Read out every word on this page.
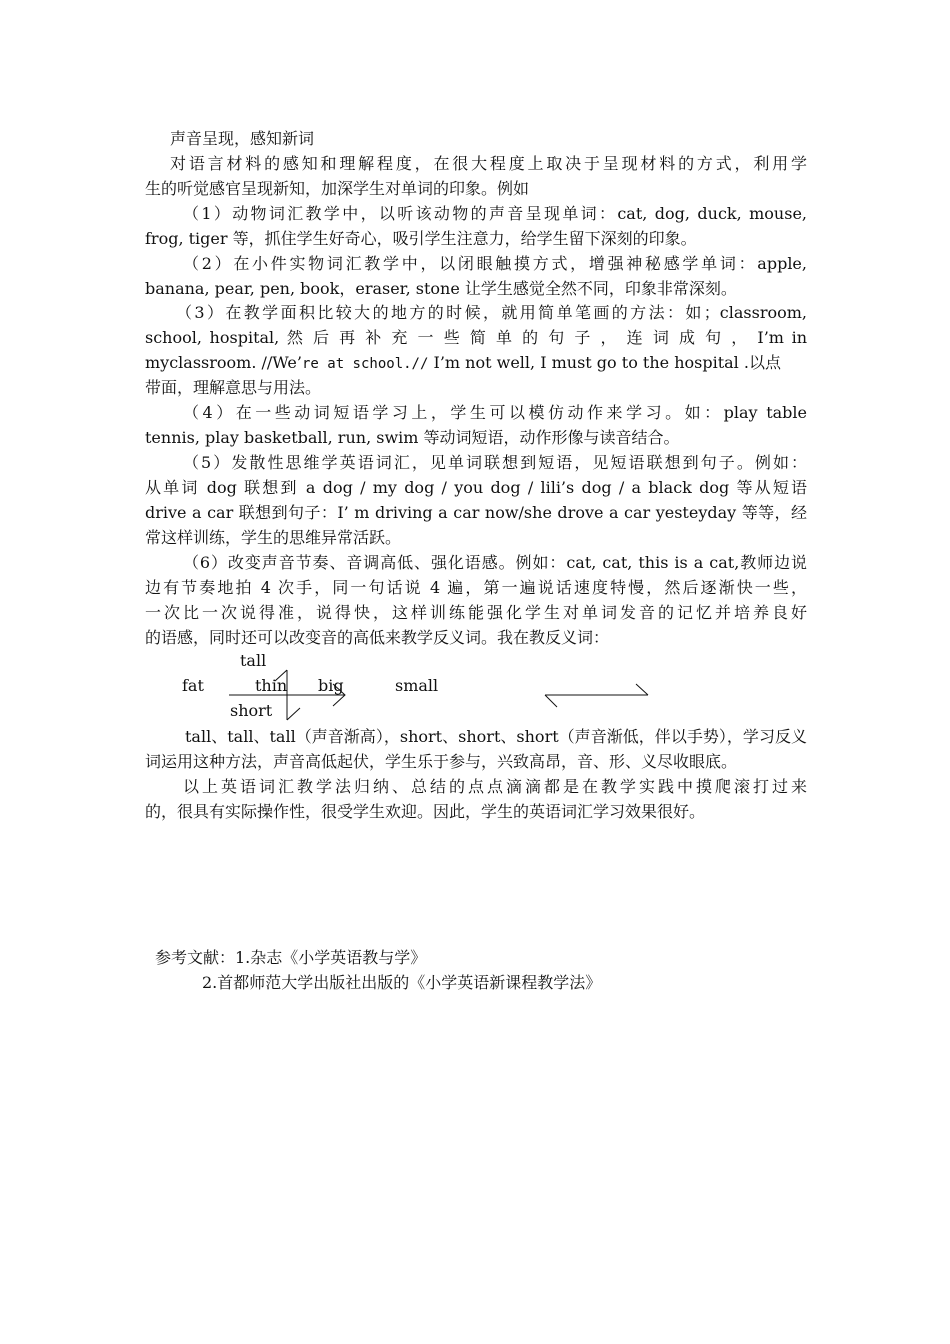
声音呈现，感知新词
对语言材料的感知和理解程度，在很大程度上取决于呈现材料的方式，利用学
生的听觉感官呈现新知，加深学生对单词的印象。例如
（1）动物词汇教学中，以听该动物的声音呈现单词：cat, dog, duck, mouse,
frog, tiger 等，抓住学生好奇心，吸引学生注意力，给学生留下深刻的印象。
（2）在小件实物词汇教学中，以闭眼触摸方式，增强神秘感学单词：apple,
banana, pear, pen, book，eraser, stone 让学生感觉全然不同，印象非常深刻。
（3）在教学面积比较大的地方的时候，就用简单笔画的方法：如；classroom,
school, hospital, 然 后 再 补 充 一 些 简 单 的 句 子 ， 连 词 成 句 ， I’m in
myclassroom. //We’re at school.// I’m not well, I must go to the hospital .以点
带面，理解意思与用法。
（4）在一些动词短语学习上，学生可以模仿动作来学习。如：play table
tennis, play basketball, run, swim 等动词短语，动作形像与读音结合。
（5）发散性思维学英语词汇，见单词联想到短语，见短语联想到句子。例如：
从单词 dog 联想到 a dog / my dog / you dog / lili’s dog / a black dog 等从短语
drive a car 联想到句子：I’ m driving a car now/she drove a car yesteyday 等等，经
常这样训练，学生的思维异常活跃。
（6）改变声音节奏、音调高低、强化语感。例如：cat, cat, this is a cat,教师边说
边有节奏地拍 4 次手，同一句话说 4 遍，第一遍说话速度特慢，然后逐渐快一些，
一次比一次说得准，说得快，这样训练能强化学生对单词发音的记忆并培养良好
的语感，同时还可以改变音的高低来教学反义词。我在教反义词：
tall
fat	thin big	small
short
tall、tall、tall（声音渐高），short、short、short（声音渐低，伴以手势），学习反义
词运用这种方法，声音高低起伏，学生乐于参与，兴致高昂，音、形、义尽收眼底。
以上英语词汇教学法归纳、总结的点点滴滴都是在教学实践中摸爬滚打过来
的，很具有实际操作性，很受学生欢迎。因此，学生的英语词汇学习效果很好。
参考文献：1.杂志《小学英语教与学》
2.首都师范大学出版社出版的《小学英语新课程教学法》
